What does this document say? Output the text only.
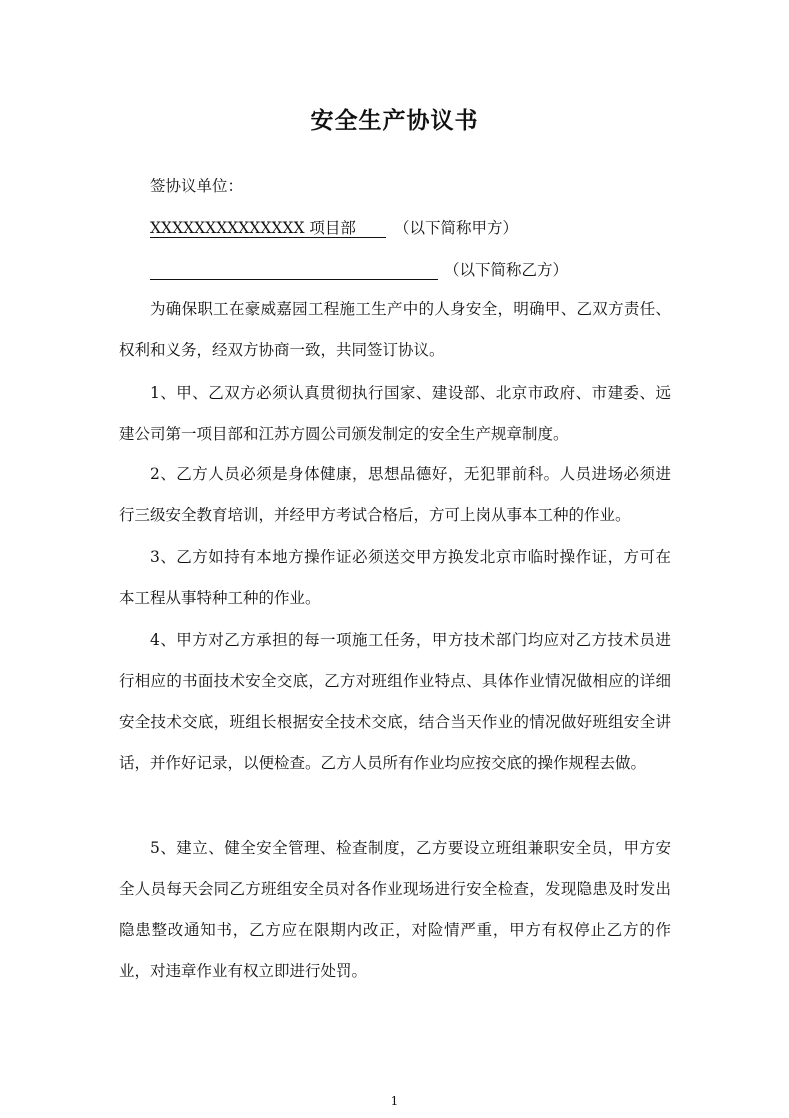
安全生产协议书
签协议单位：
XXXXXXXXXXXXXX 项目部 （以下简称甲方）
（以下简称乙方）

为确保职工在豪威嘉园工程施工生产中的人身安全，明确甲、乙双方责任、权利和义务，经双方协商一致，共同签订协议。

1、甲、乙双方必须认真贯彻执行国家、建设部、北京市政府、市建委、远建公司第一项目部和江苏方圆公司颁发制定的安全生产规章制度。

2、乙方人员必须是身体健康，思想品德好，无犯罪前科。人员进场必须进行三级安全教育培训，并经甲方考试合格后，方可上岗从事本工种的作业。

3、乙方如持有本地方操作证必须送交甲方换发北京市临时操作证，方可在本工程从事特种工种的作业。

4、甲方对乙方承担的每一项施工任务，甲方技术部门均应对乙方技术员进行相应的书面技术安全交底，乙方对班组作业特点、具体作业情况做相应的详细安全技术交底，班组长根据安全技术交底，结合当天作业的情况做好班组安全讲话，并作好记录，以便检查。乙方人员所有作业均应按交底的操作规程去做。

5、建立、健全安全管理、检查制度，乙方要设立班组兼职安全员，甲方安全人员每天会同乙方班组安全员对各作业现场进行安全检查，发现隐患及时发出隐患整改通知书，乙方应在限期内改正，对险情严重，甲方有权停止乙方的作业，对违章作业有权立即进行处罚。

1
